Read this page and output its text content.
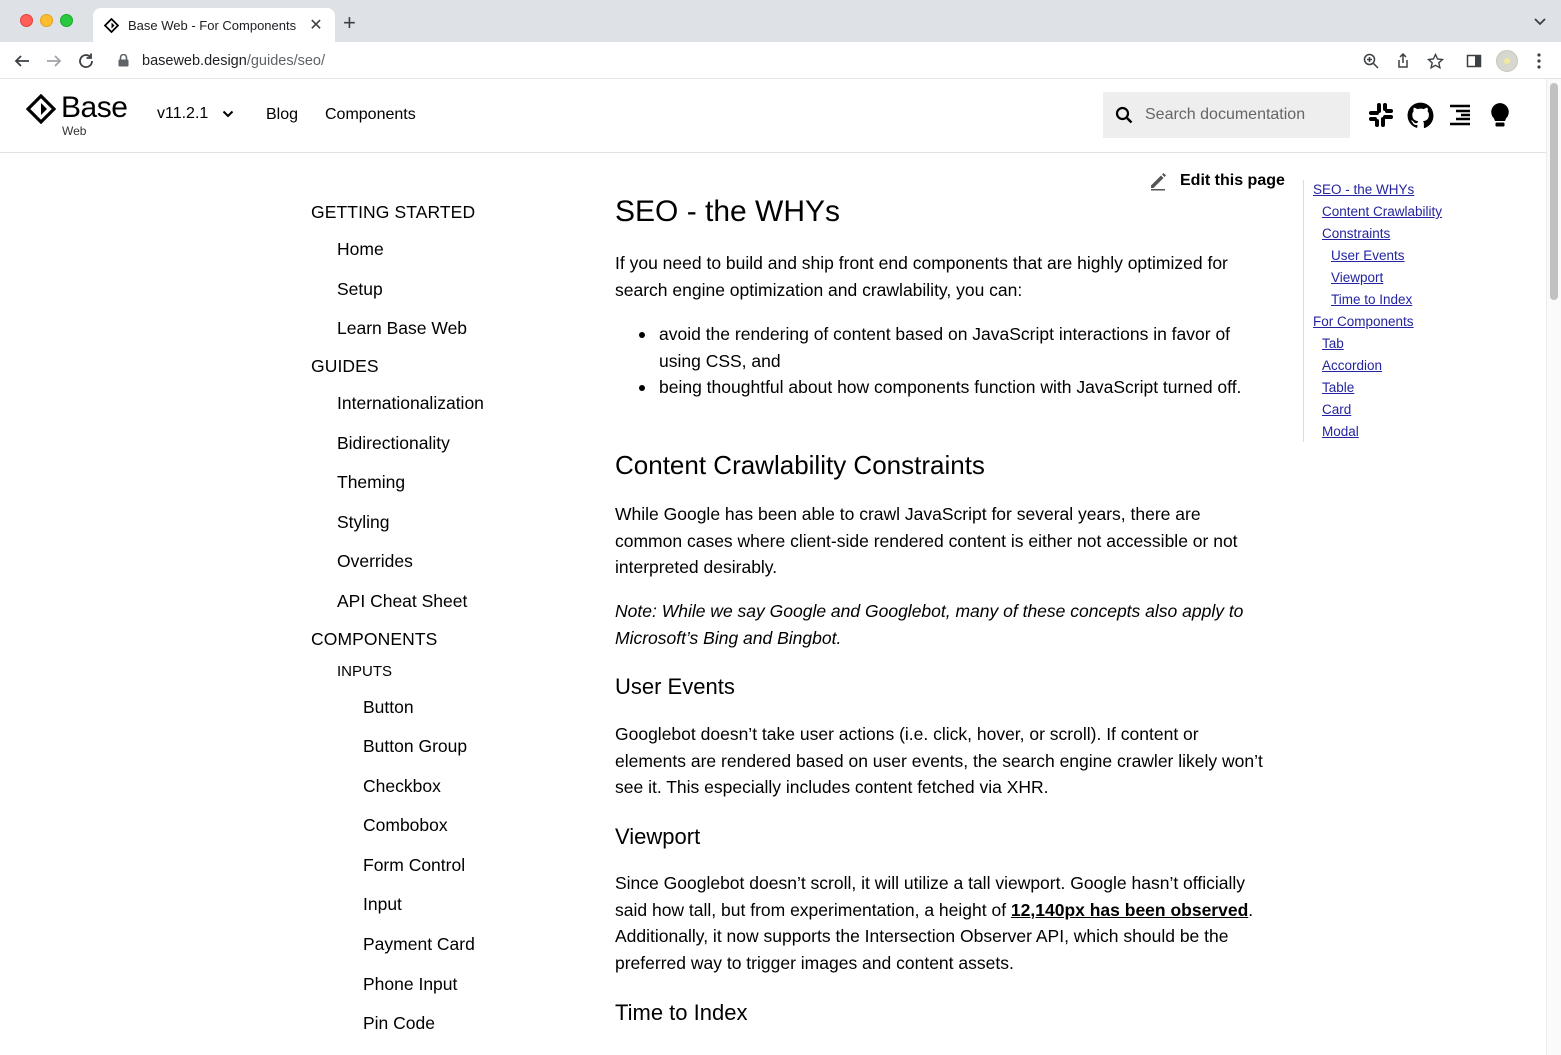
Base Web - For Components ✕ +
baseweb.design/guides/seo/
Base
Web
v11.2.1	Blog Components
Search documentation
GETTING STARTED
Home
Setup
Learn Base Web
GUIDES
Internationalization
Bidirectionality
Theming
Styling
Overrides
API Cheat Sheet
COMPONENTS
INPUTS
Button
Button Group
Checkbox
Combobox
Form Control
Input
Payment Card
Phone Input
Pin Code
Edit this page
SEO - the WHYs
If you need to build and ship front end components that are highly optimized for search engine optimization and crawlability, you can:
avoid the rendering of content based on JavaScript interactions in favor of using CSS, and
being thoughtful about how components function with JavaScript turned off.
Content Crawlability Constraints
While Google has been able to crawl JavaScript for several years, there are common cases where client-side rendered content is either not accessible or not interpreted desirably.
Note: While we say Google and Googlebot, many of these concepts also apply to Microsoft’s Bing and Bingbot.
User Events
Googlebot doesn’t take user actions (i.e. click, hover, or scroll). If content or elements are rendered based on user events, the search engine crawler likely won’t see it. This especially includes content fetched via XHR.
Viewport
Since Googlebot doesn’t scroll, it will utilize a tall viewport. Google hasn’t officially said how tall, but from experimentation, a height of 12,140px has been observed. Additionally, it now supports the Intersection Observer API, which should be the preferred way to trigger images and content assets.
Time to Index
SEO - the WHYs
Content Crawlability
Constraints
User Events
Viewport
Time to Index
For Components
Tab
Accordion
Table
Card
Modal
